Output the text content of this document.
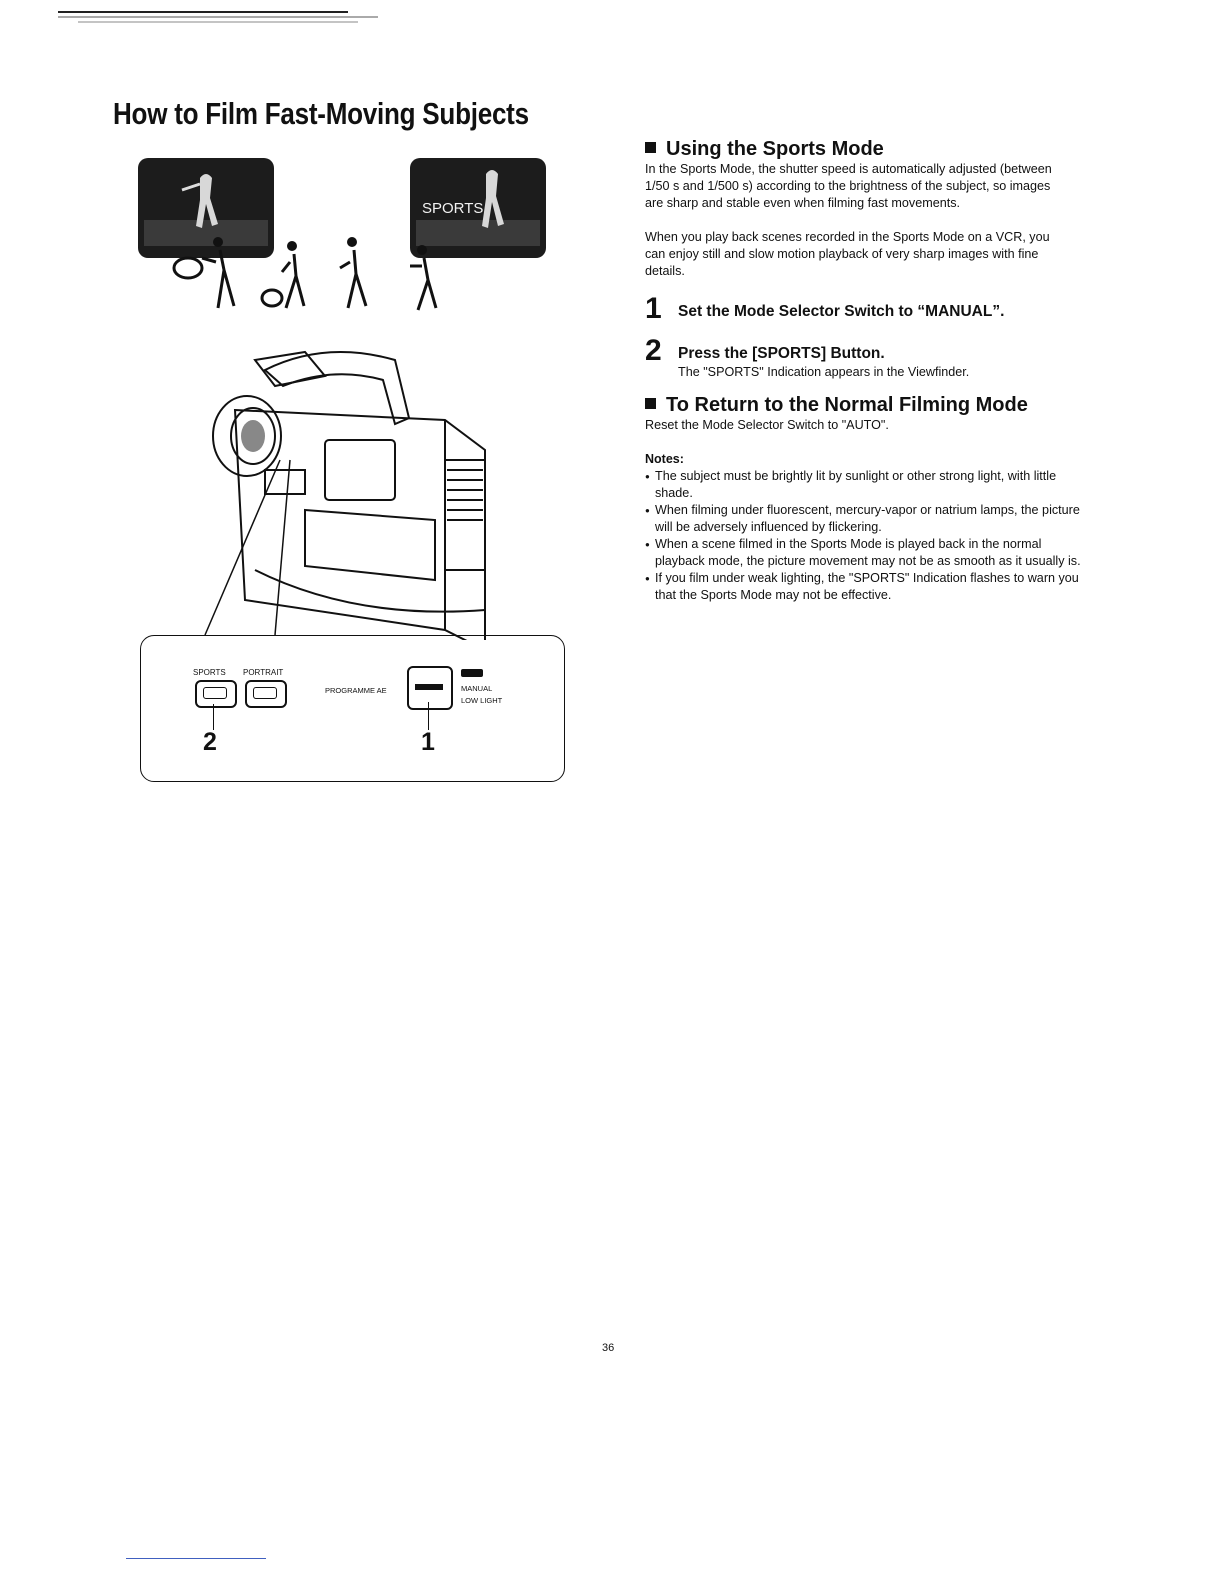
How to Film Fast-Moving Subjects
SPORTS
SPORTS PORTRAIT
PROGRAMME AE	MANUAL
LOW LIGHT
2	1
Using the Sports Mode
In the Sports Mode, the shutter speed is automatically adjusted (between 1/50 s and 1/500 s) according to the brightness of the subject, so images are sharp and stable even when filming fast movements.
When you play back scenes recorded in the Sports Mode on a VCR, you can enjoy still and slow motion playback of very sharp images with fine details.
1 Set the Mode Selector Switch to “MANUAL”.
2 Press the [SPORTS] Button.
The "SPORTS" Indication appears in the Viewfinder.
To Return to the Normal Filming Mode
Reset the Mode Selector Switch to "AUTO".
Notes:
● The subject must be brightly lit by sunlight or other strong light, with little shade.
● When filming under fluorescent, mercury-vapor or natrium lamps, the picture will be adversely influenced by flickering.
● When a scene filmed in the Sports Mode is played back in the normal playback mode, the picture movement may not be as smooth as it usually is.
● If you film under weak lighting, the "SPORTS" Indication flashes to warn you that the Sports Mode may not be effective.
36
